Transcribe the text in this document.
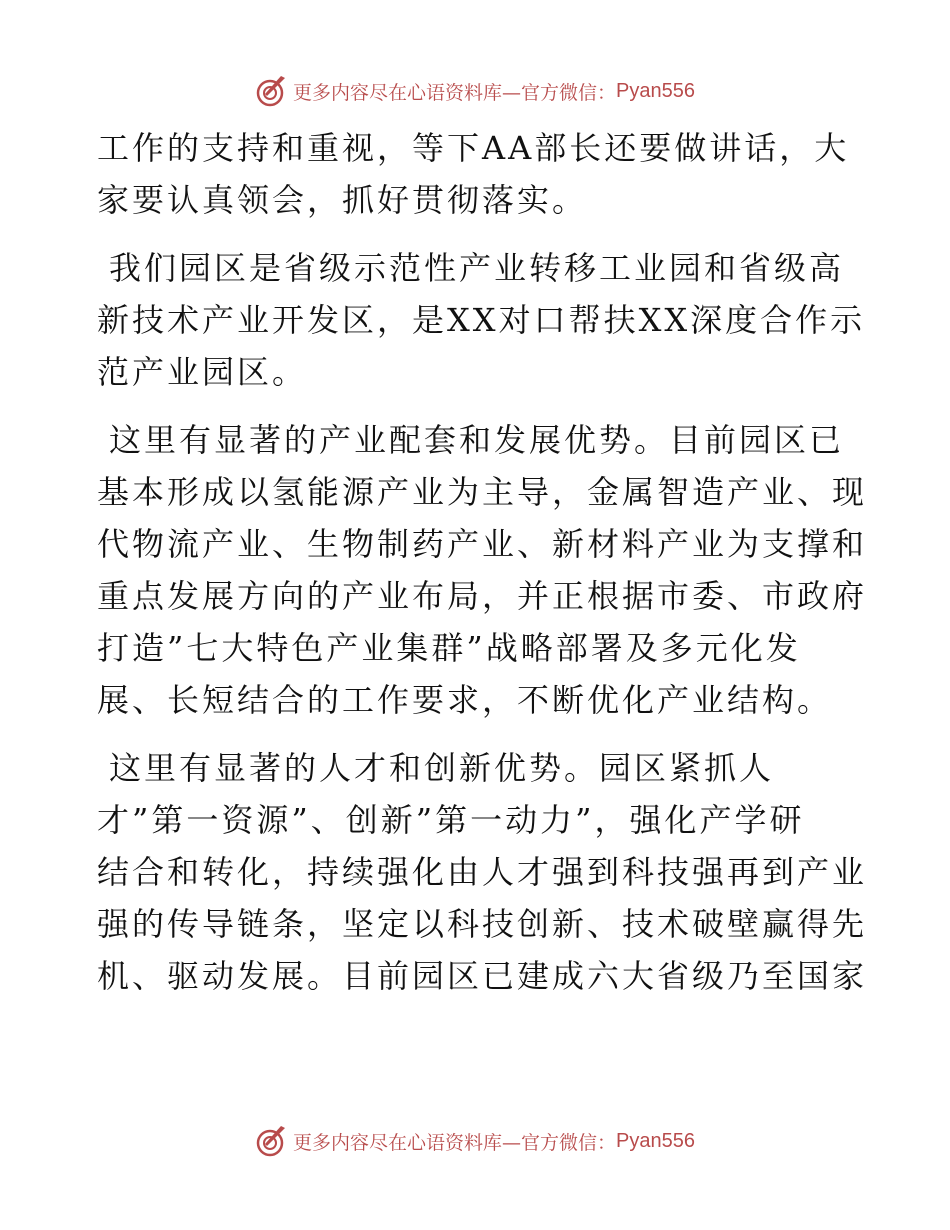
更多内容尽在心语资料库—官方微信： Pyan556

工作的支持和重视，等下AA部长还要做讲话，大
家要认真领会，抓好贯彻落实。

我们园区是省级示范性产业转移工业园和省级高
新技术产业开发区，是XX对口帮扶XX深度合作示
范产业园区。

这里有显著的产业配套和发展优势。目前园区已
基本形成以氢能源产业为主导，金属智造产业、现
代物流产业、生物制药产业、新材料产业为支撑和
重点发展方向的产业布局，并正根据市委、市政府
打造”七大特色产业集群”战略部署及多元化发
展、长短结合的工作要求，不断优化产业结构。

这里有显著的人才和创新优势。园区紧抓人
才”第一资源”、创新”第一动力”，强化产学研
结合和转化，持续强化由人才强到科技强再到产业
强的传导链条，坚定以科技创新、技术破壁赢得先
机、驱动发展。目前园区已建成六大省级乃至国家

更多内容尽在心语资料库—官方微信： Pyan556
